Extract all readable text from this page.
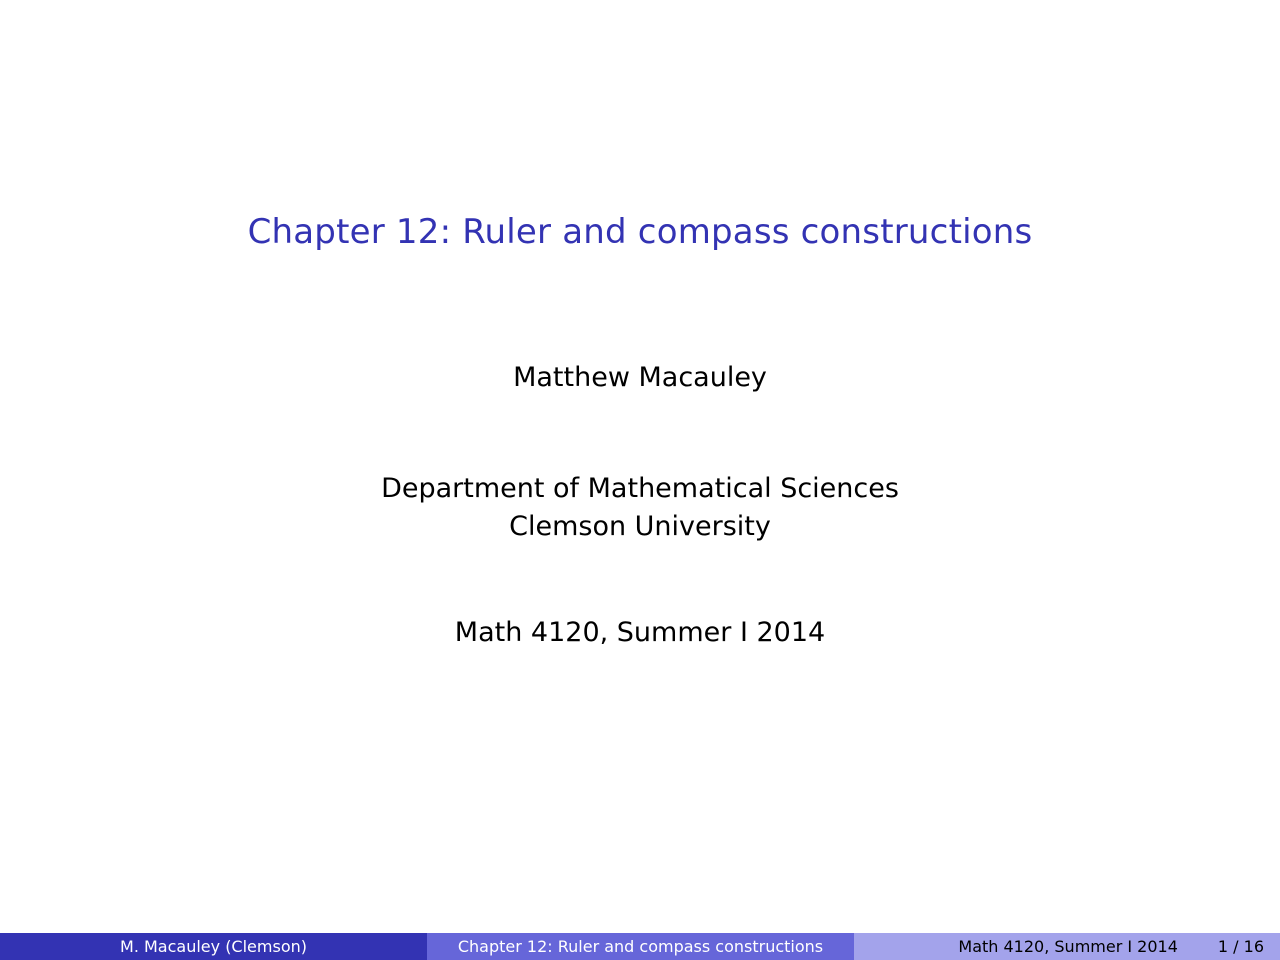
Chapter 12: Ruler and compass constructions
Matthew Macauley
Department of Mathematical Sciences
Clemson University
Math 4120, Summer I 2014
M. Macauley (Clemson)	Chapter 12: Ruler and compass constructions	Math 4120, Summer I 2014	1 / 16
